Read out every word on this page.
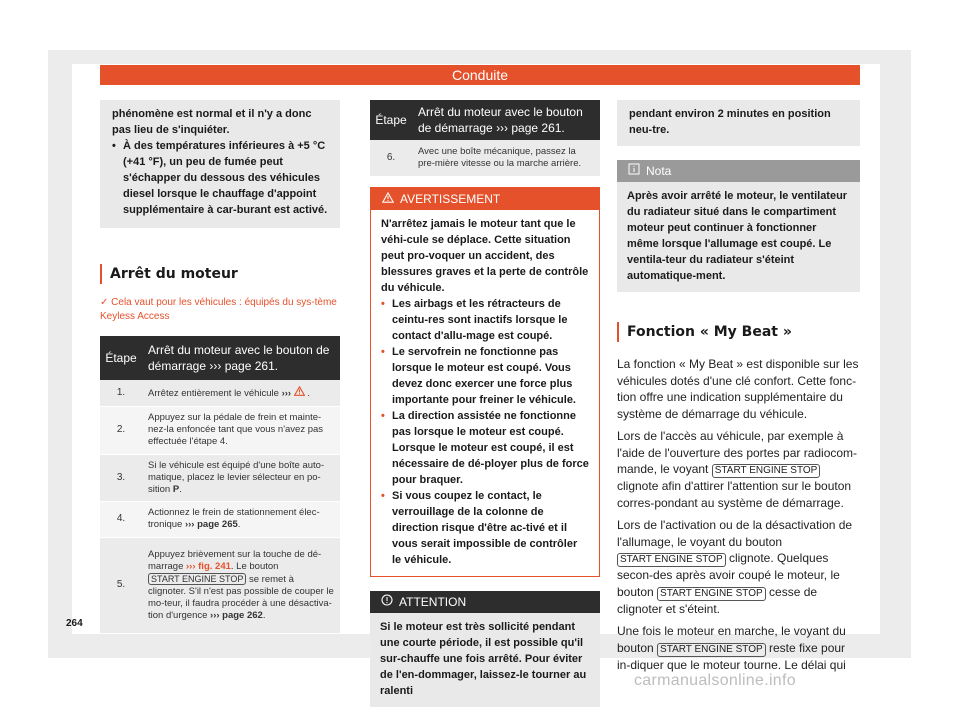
Conduite
phénomène est normal et il n'y a donc pas lieu de s'inquiéter.
• À des températures inférieures à +5 °C (+41 °F), un peu de fumée peut s'échapper du dessous des véhicules diesel lorsque le chauffage d'appoint supplémentaire à car-burant est activé.
Arrêt du moteur
✓ Cela vaut pour les véhicules : équipés du sys-tème Keyless Access
Étape	Arrêt du moteur avec le bouton de démarrage ››› page 261.
1.	Arrêtez entièrement le véhicule ››› .
2.	Appuyez sur la pédale de frein et mainte-nez-la enfoncée tant que vous n'avez pas effectuée l'étape 4.
3.	Si le véhicule est équipé d'une boîte auto-matique, placez le levier sélecteur en po-sition P.
4.	Actionnez le frein de stationnement élec-tronique ››› page 265.
5.	Appuyez brièvement sur la touche de dé-marrage ››› fig. 241. Le bouton START ENGINE STOP se remet à clignoter. S'il n'est pas possible de couper le mo-teur, il faudra procéder à une désactiva-tion d'urgence ››› page 262.
Étape	Arrêt du moteur avec le bouton de démarrage ››› page 261.
6.	Avec une boîte mécanique, passez la pre-mière vitesse ou la marche arrière.
AVERTISSEMENT
N'arrêtez jamais le moteur tant que le véhi-cule se déplace. Cette situation peut pro-voquer un accident, des blessures graves et la perte de contrôle du véhicule.
• Les airbags et les rétracteurs de ceintu-res sont inactifs lorsque le contact d'allu-mage est coupé.
• Le servofrein ne fonctionne pas lorsque le moteur est coupé. Vous devez donc exercer une force plus importante pour freiner le véhicule.
• La direction assistée ne fonctionne pas lorsque le moteur est coupé. Lorsque le moteur est coupé, il est nécessaire de dé-ployer plus de force pour braquer.
• Si vous coupez le contact, le verrouillage de la colonne de direction risque d'être ac-tivé et il vous serait impossible de contrôler le véhicule.
ATTENTION
Si le moteur est très sollicité pendant une courte période, il est possible qu'il sur-chauffe une fois arrêté. Pour éviter de l'en-dommager, laissez-le tourner au ralenti
pendant environ 2 minutes en position neu-tre.
Nota
Après avoir arrêté le moteur, le ventilateur du radiateur situé dans le compartiment moteur peut continuer à fonctionner même lorsque l'allumage est coupé. Le ventila-teur du radiateur s'éteint automatique-ment.
Fonction « My Beat »
La fonction « My Beat » est disponible sur les véhicules dotés d'une clé confort. Cette fonc-tion offre une indication supplémentaire du système de démarrage du véhicule.
Lors de l'accès au véhicule, par exemple à l'aide de l'ouverture des portes par radiocom-mande, le voyant START ENGINE STOP clignote afin d'attirer l'attention sur le bouton corres-pondant au système de démarrage.
Lors de l'activation ou de la désactivation de l'allumage, le voyant du bouton START ENGINE STOP clignote. Quelques secon-des après avoir coupé le moteur, le bouton START ENGINE STOP cesse de clignoter et s'éteint.
Une fois le moteur en marche, le voyant du bouton START ENGINE STOP reste fixe pour in-diquer que le moteur tourne. Le délai qui
264
carmanualsonline.info
